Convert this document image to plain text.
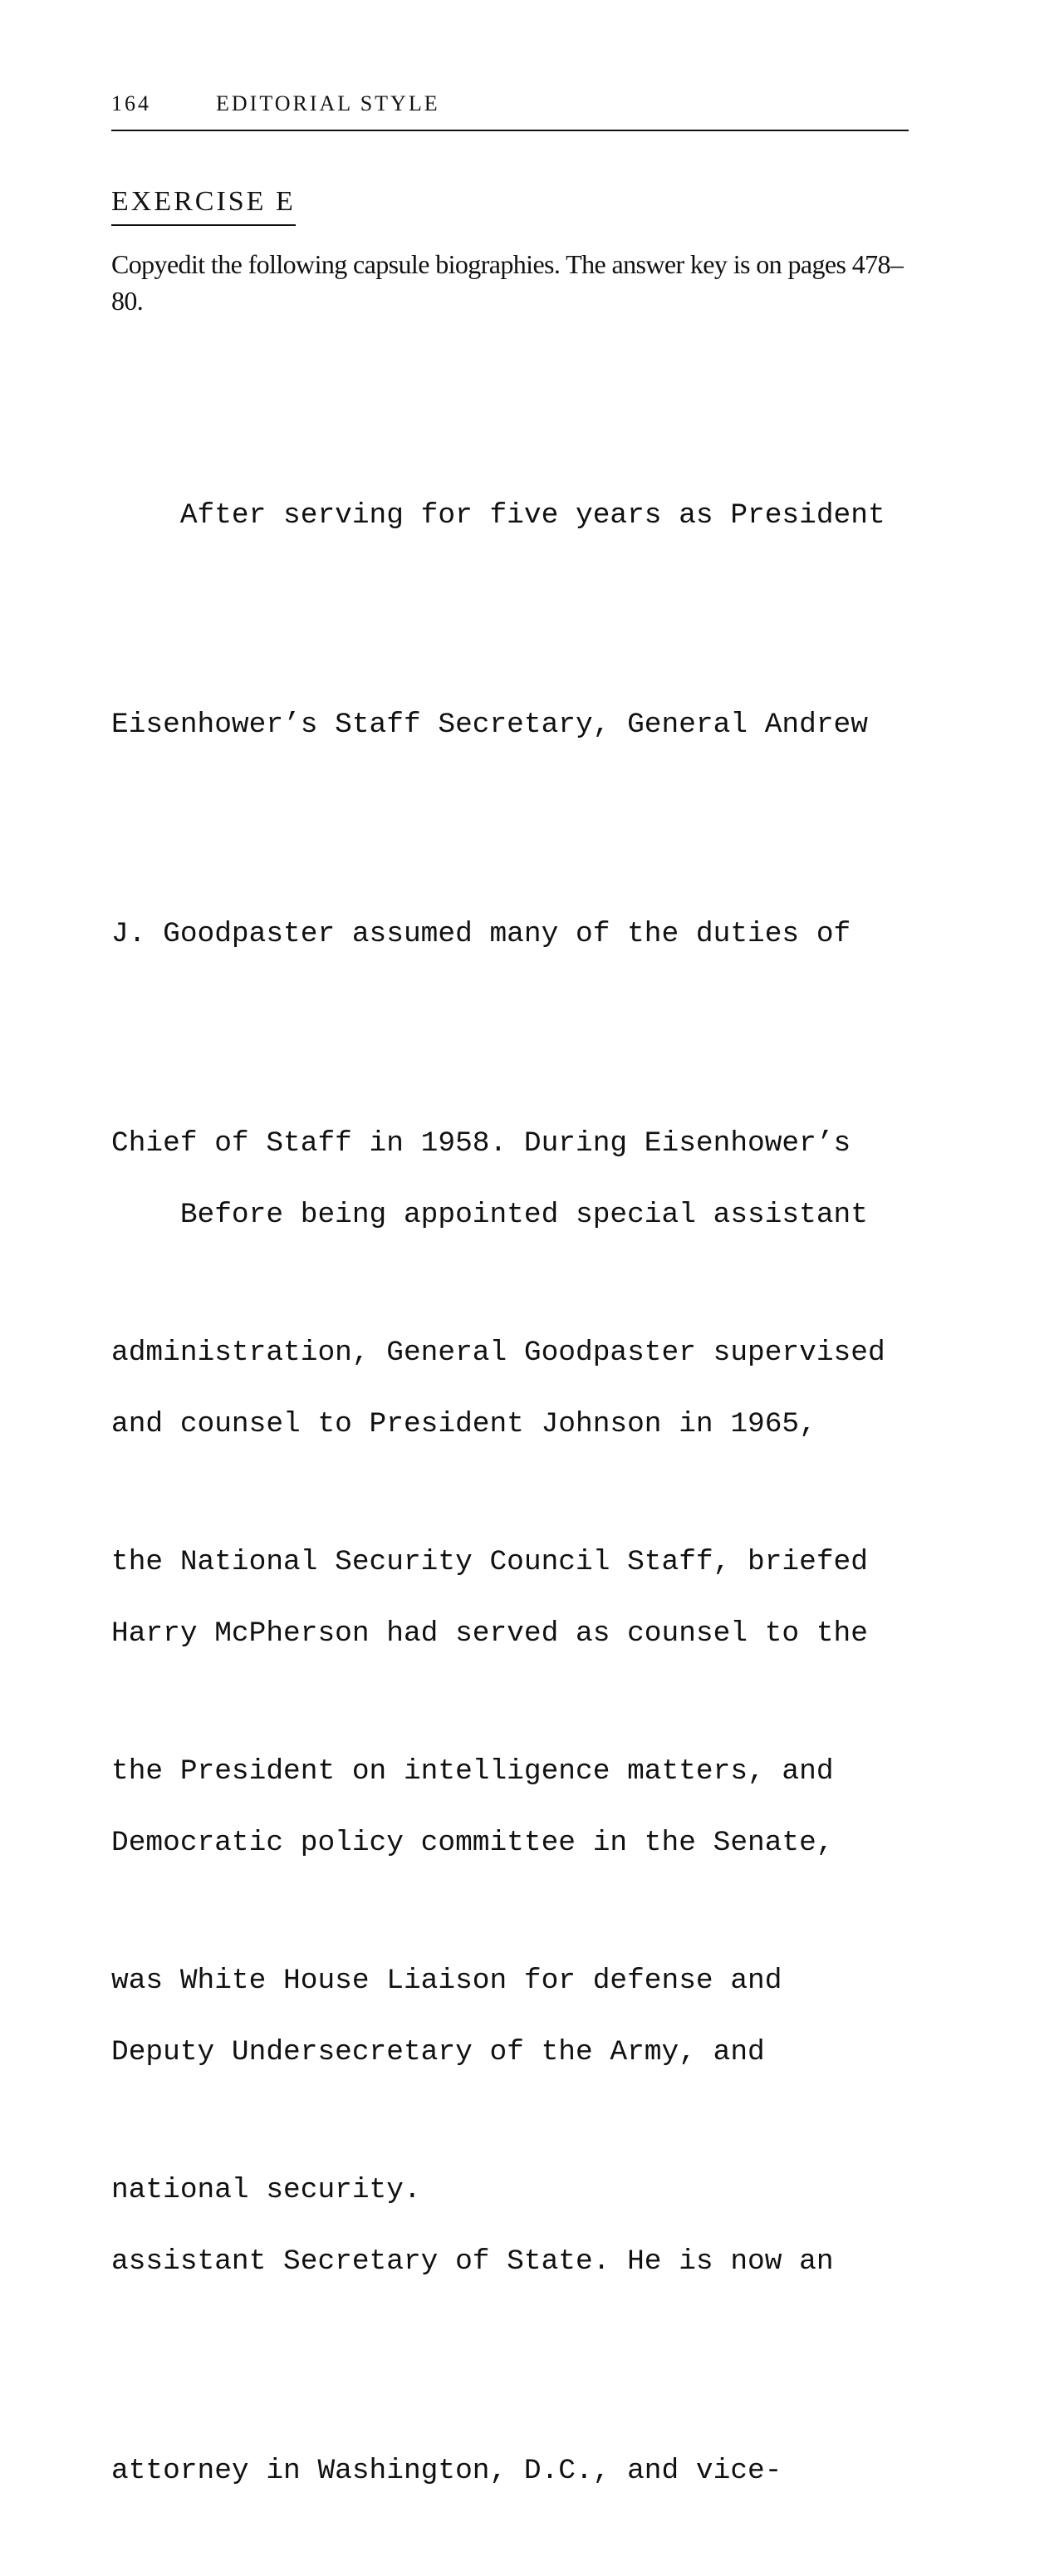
164	EDITORIAL STYLE
EXERCISE E

Copyedit the following capsule biographies. The answer key is on pages 478–80.

After serving for five years as President

Eisenhower’s Staff Secretary, General Andrew

J. Goodpaster assumed many of the duties of

Chief of Staff in 1958. During Eisenhower’s

administration, General Goodpaster supervised

the National Security Council Staff, briefed

the President on intelligence matters, and

was White House Liaison for defense and

national security.

Before being appointed special assistant

and counsel to President Johnson in 1965,

Harry McPherson had served as counsel to the

Democratic policy committee in the Senate,

Deputy Undersecretary of the Army, and

assistant Secretary of State. He is now an

attorney in Washington, D.C., and vice-
